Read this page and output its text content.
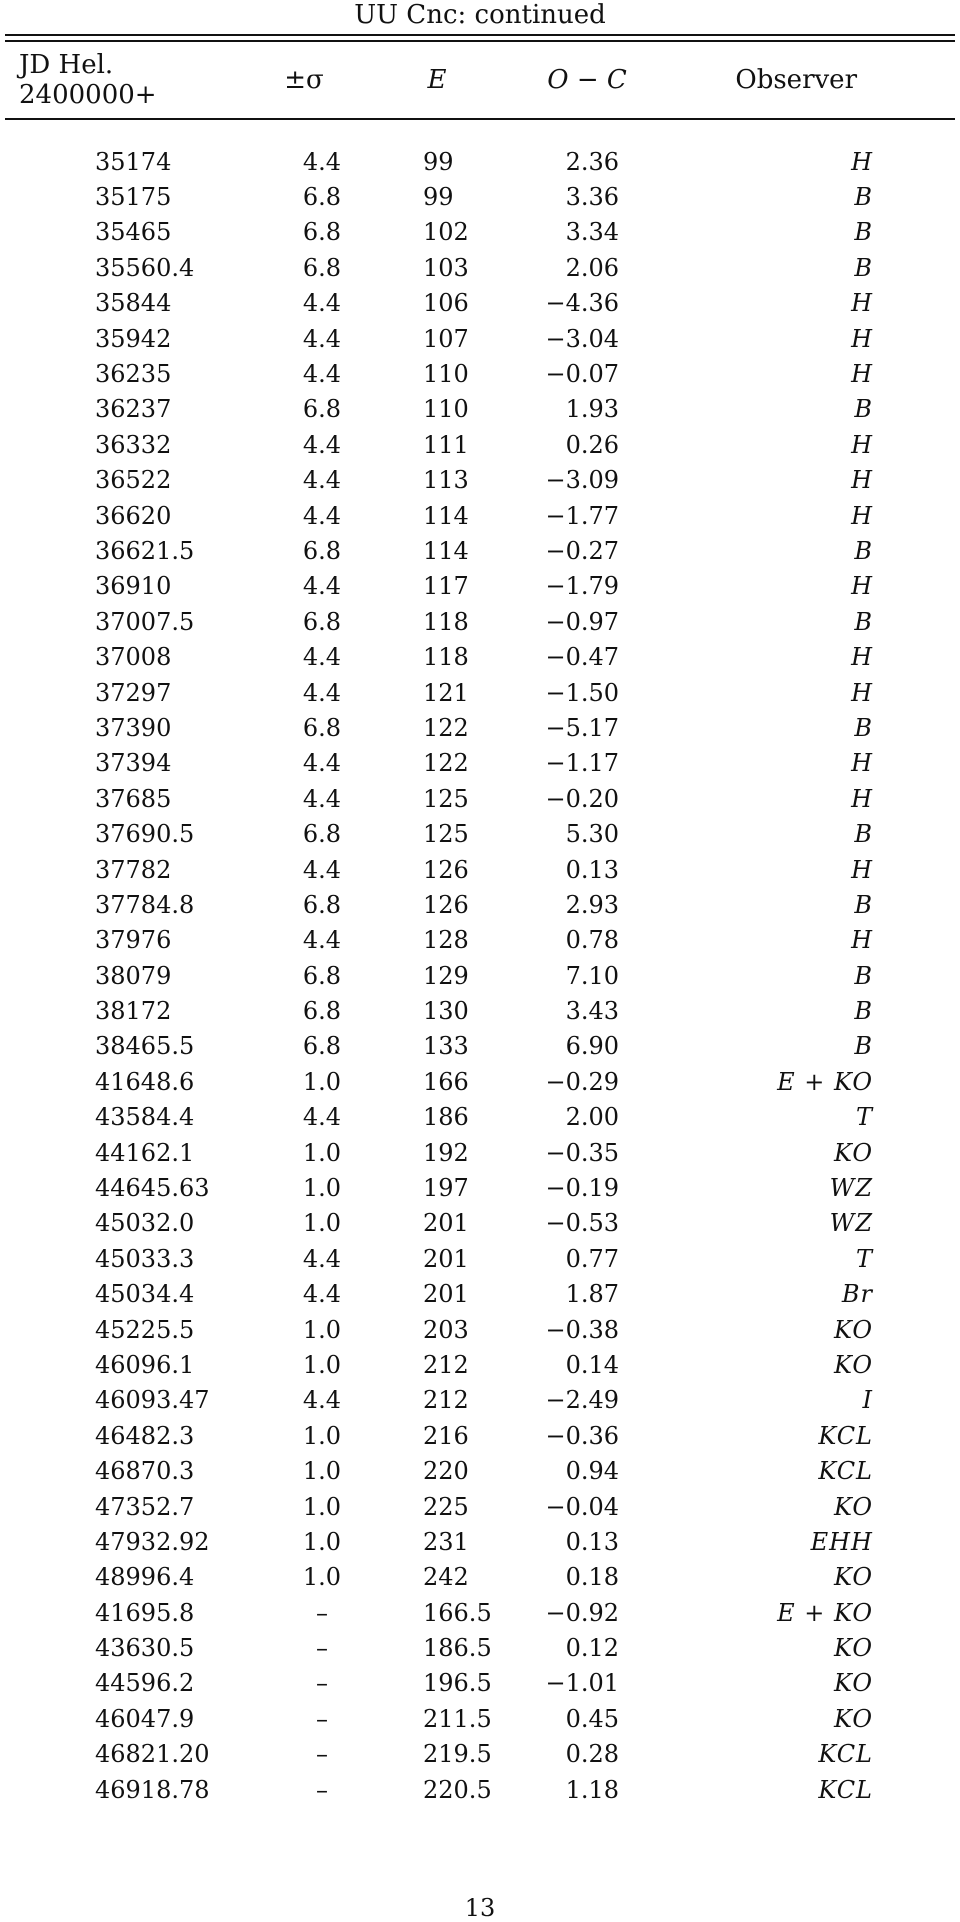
UU Cnc: continued
JD Hel. 2400000+	±σ	E	O − C	Observer

35174	4.4	99	2.36	H
35175	6.8	99	3.36	B
35465	6.8	102	3.34	B
35560.4	6.8	103	2.06	B
35844	4.4	106	−4.36	H
35942	4.4	107	−3.04	H
36235	4.4	110	−0.07	H
36237	6.8	110	1.93	B
36332	4.4	111	0.26	H
36522	4.4	113	−3.09	H
36620	4.4	114	−1.77	H
36621.5	6.8	114	−0.27	B
36910	4.4	117	−1.79	H
37007.5	6.8	118	−0.97	B
37008	4.4	118	−0.47	H
37297	4.4	121	−1.50	H
37390	6.8	122	−5.17	B
37394	4.4	122	−1.17	H
37685	4.4	125	−0.20	H
37690.5	6.8	125	5.30	B
37782	4.4	126	0.13	H
37784.8	6.8	126	2.93	B
37976	4.4	128	0.78	H
38079	6.8	129	7.10	B
38172	6.8	130	3.43	B
38465.5	6.8	133	6.90	B
41648.6	1.0	166	−0.29	E + KO
43584.4	4.4	186	2.00	T
44162.1	1.0	192	−0.35	KO
44645.63	1.0	197	−0.19	WZ
45032.0	1.0	201	−0.53	WZ
45033.3	4.4	201	0.77	T
45034.4	4.4	201	1.87	Br
45225.5	1.0	203	−0.38	KO
46096.1	1.0	212	0.14	KO
46093.47	4.4	212	−2.49	I
46482.3	1.0	216	−0.36	KCL
46870.3	1.0	220	0.94	KCL
47352.7	1.0	225	−0.04	KO
47932.92	1.0	231	0.13	EHH
48996.4	1.0	242	0.18	KO
41695.8	–	166.5	−0.92	E + KO
43630.5	–	186.5	0.12	KO
44596.2	–	196.5	−1.01	KO
46047.9	–	211.5	0.45	KO
46821.20	–	219.5	0.28	KCL
46918.78	–	220.5	1.18	KCL
13
